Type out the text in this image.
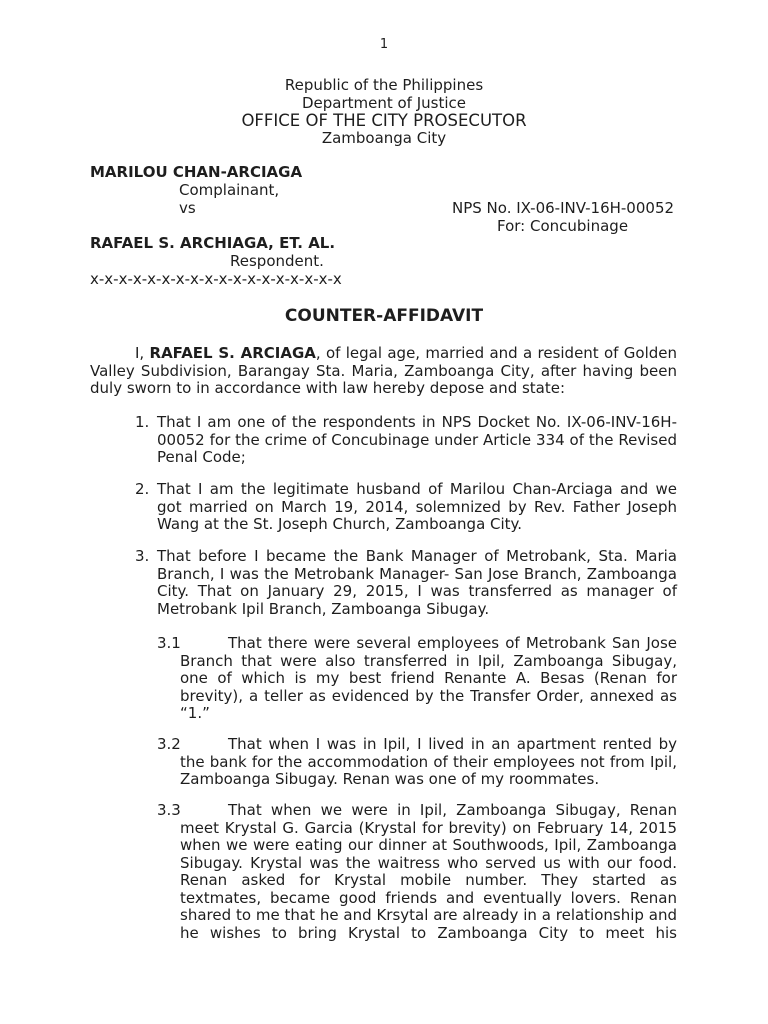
1
Republic of the Philippines
Department of Justice
OFFICE OF THE CITY PROSECUTOR
Zamboanga City
MARILOU CHAN-ARCIAGA
Complainant,
vs	NPS No. IX-06-INV-16H-00052
For: Concubinage
RAFAEL S. ARCHIAGA, ET. AL.
Respondent.
x-x-x-x-x-x-x-x-x-x-x-x-x-x-x-x-x-x
COUNTER-AFFIDAVIT
I, RAFAEL S. ARCIAGA, of legal age, married and a resident of Golden Valley Subdivision, Barangay Sta. Maria, Zamboanga City, after having been duly sworn to in accordance with law hereby depose and state:
1. That I am one of the respondents in NPS Docket No. IX-06-INV-16H-00052 for the crime of Concubinage under Article 334 of the Revised Penal Code;
2. That I am the legitimate husband of Marilou Chan-Arciaga and we got married on March 19, 2014, solemnized by Rev. Father Joseph Wang at the St. Joseph Church, Zamboanga City.
3. That before I became the Bank Manager of Metrobank, Sta. Maria Branch, I was the Metrobank Manager- San Jose Branch, Zamboanga City. That on January 29, 2015, I was transferred as manager of Metrobank Ipil Branch, Zamboanga Sibugay.
3.1	That there were several employees of Metrobank San Jose Branch that were also transferred in Ipil, Zamboanga Sibugay, one of which is my best friend Renante A. Besas (Renan for brevity), a teller as evidenced by the Transfer Order, annexed as “1.”
3.2	That when I was in Ipil, I lived in an apartment rented by the bank for the accommodation of their employees not from Ipil, Zamboanga Sibugay. Renan was one of my roommates.
3.3	That when we were in Ipil, Zamboanga Sibugay, Renan meet Krystal G. Garcia (Krystal for brevity) on February 14, 2015 when we were eating our dinner at Southwoods, Ipil, Zamboanga Sibugay. Krystal was the waitress who served us with our food. Renan asked for Krystal mobile number. They started as textmates, became good friends and eventually lovers. Renan shared to me that he and Krsytal are already in a relationship and he wishes to bring Krystal to Zamboanga City to meet his
